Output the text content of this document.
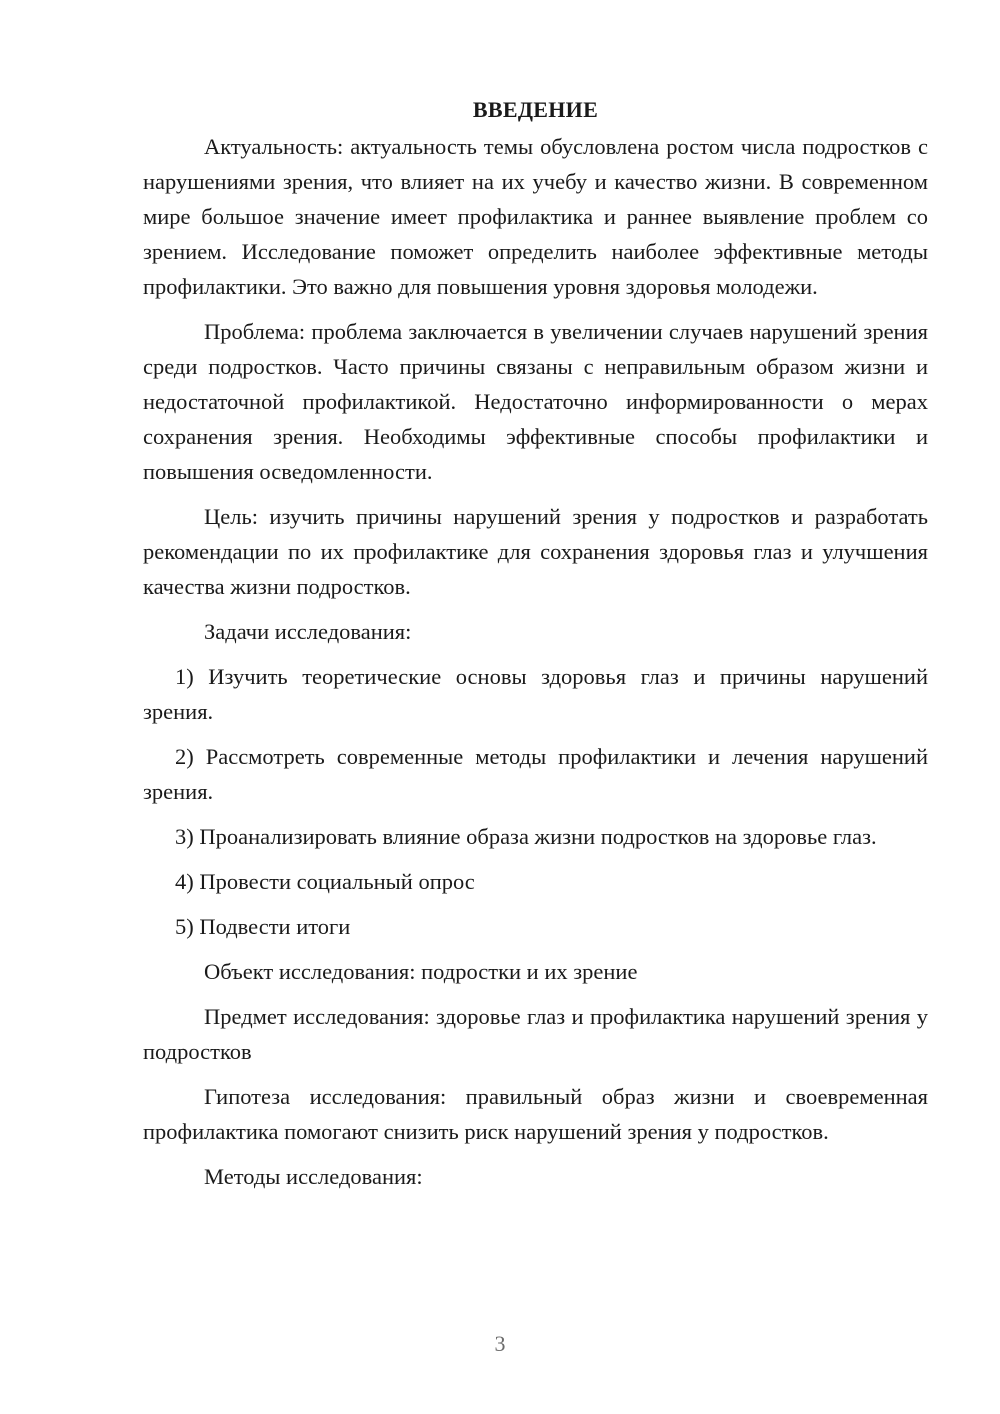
ВВЕДЕНИЕ

Актуальность: актуальность темы обусловлена ростом числа подростков с нарушениями зрения, что влияет на их учебу и качество жизни. В современном мире большое значение имеет профилактика и раннее выявление проблем со зрением. Исследование поможет определить наиболее эффективные методы профилактики. Это важно для повышения уровня здоровья молодежи.

Проблема: проблема заключается в увеличении случаев нарушений зрения среди подростков. Часто причины связаны с неправильным образом жизни и недостаточной профилактикой. Недостаточно информированности о мерах сохранения зрения. Необходимы эффективные способы профилактики и повышения осведомленности.

Цель: изучить причины нарушений зрения у подростков и разработать рекомендации по их профилактике для сохранения здоровья глаз и улучшения качества жизни подростков.

Задачи исследования:

1) Изучить теоретические основы здоровья глаз и причины нарушений зрения.

2) Рассмотреть современные методы профилактики и лечения нарушений зрения.

3) Проанализировать влияние образа жизни подростков на здоровье глаз.

4) Провести социальный опрос

5) Подвести итоги

Объект исследования: подростки и их зрение

Предмет исследования: здоровье глаз и профилактика нарушений зрения у подростков

Гипотеза исследования: правильный образ жизни и своевременная профилактика помогают снизить риск нарушений зрения у подростков.

Методы исследования:

3
